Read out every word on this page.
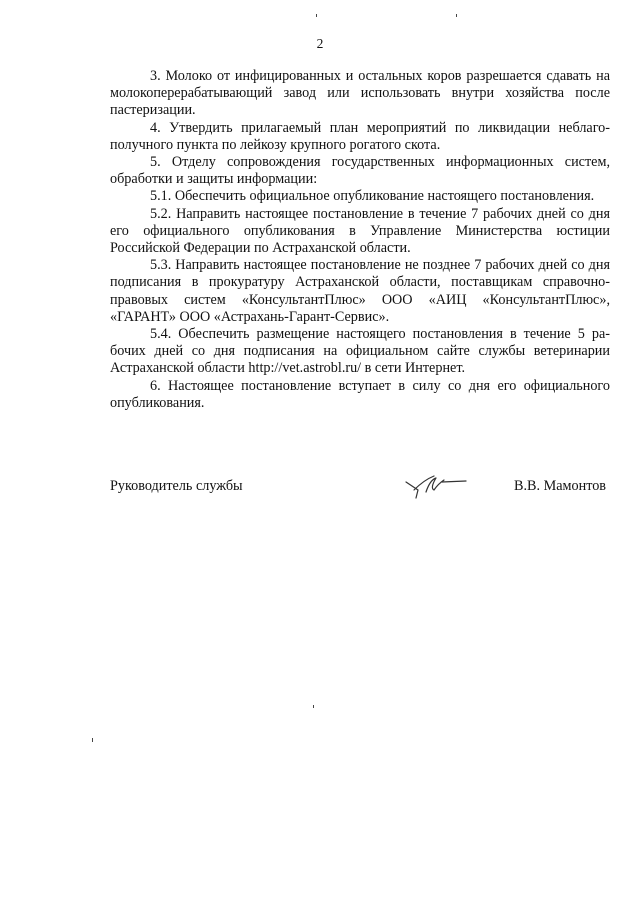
2

3. Молоко от инфицированных и остальных коров разрешается сдавать на молокоперерабатывающий завод или использовать внутри хозяйства после пастеризации.

4. Утвердить прилагаемый план мероприятий по ликвидации неблагополучного пункта по лейкозу крупного рогатого скота.

5. Отделу сопровождения государственных информационных систем, обработки и защиты информации:

5.1. Обеспечить официальное опубликование настоящего постановления.

5.2. Направить настоящее постановление в течение 7 рабочих дней со дня его официального опубликования в Управление Министерства юстиции Российской Федерации по Астраханской области.

5.3. Направить настоящее постановление не позднее 7 рабочих дней со дня подписания в прокуратуру Астраханской области, поставщикам справочно-правовых систем «КонсультантПлюс» ООО «АИЦ «КонсультантПлюс», «ГАРАНТ» ООО «Астрахань-Гарант-Сервис».

5.4. Обеспечить размещение настоящего постановления в течение 5 рабочих дней со дня подписания на официальном сайте службы ветеринарии Астраханской области http://vet.astrobl.ru/ в сети Интернет.

6. Настоящее постановление вступает в силу со дня его официального опубликования.

Руководитель службы	В.В. Мамонтов
